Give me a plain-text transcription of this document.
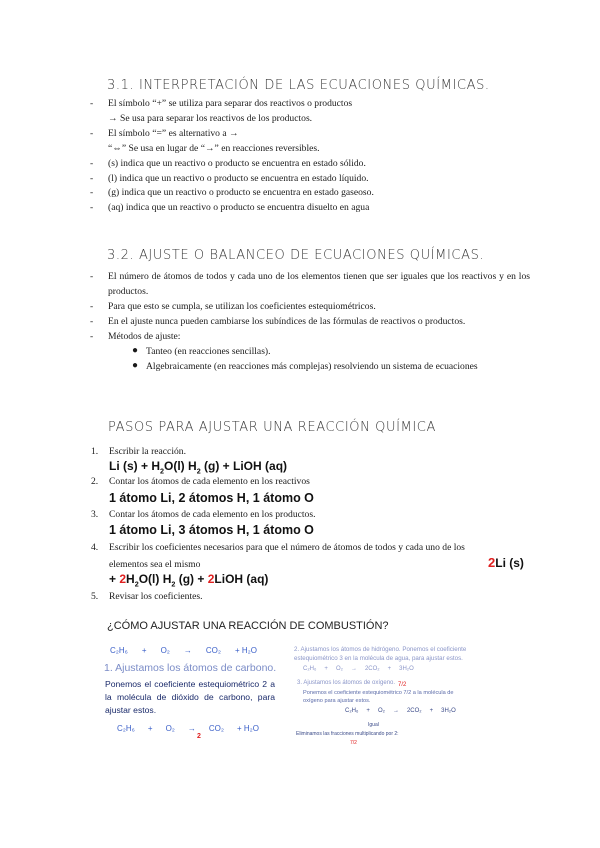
3.1. INTERPRETACIÓN DE LAS ECUACIONES QUÍMICAS.
- El símbolo “+” se utiliza para separar dos reactivos o productos
→ Se usa para separar los reactivos de los productos.
- El símbolo “=” es alternativo a →
“⇔” Se usa en lugar de “→” en reacciones reversibles.
- (s) indica que un reactivo o producto se encuentra en estado sólido.
- (l) indica que un reactivo o producto se encuentra en estado líquido.
- (g) indica que un reactivo o producto se encuentra en estado gaseoso.
- (aq) indica que un reactivo o producto se encuentra disuelto en agua
3.2. AJUSTE O BALANCEO DE ECUACIONES QUÍMICAS.
- El número de átomos de todos y cada uno de los elementos tienen que ser iguales que los reactivos y en los productos.
- Para que esto se cumpla, se utilizan los coeficientes estequiométricos.
- En el ajuste nunca pueden cambiarse los subíndices de las fórmulas de reactivos o productos.
- Métodos de ajuste:
● Tanteo (en reacciones sencillas).
● Algebraicamente (en reacciones más complejas) resolviendo un sistema de ecuaciones
PASOS PARA AJUSTAR UNA REACCIÓN QUÍMICA
1. Escribir la reacción.
2. Contar los átomos de cada elemento en los reactivos
3. Contar los átomos de cada elemento en los productos.
4. Escribir los coeficientes necesarios para que el número de átomos de todos y cada uno de los
elementos sea el mismo
5. Revisar los coeficientes.
Li $(s) + H_2O(l)$ $H_2$ (g) + LiOH (aq)
1 átomo Li, 2 átomos H, 1 átomo O
1 átomo Li, 3 átomos H, 1 átomo O
2Li (s)
+ $2H_2O(l)$ $H_2$ (g) + 2LiOH (aq)
¿CÓMO AJUSTAR UNA REACCIÓN DE COMBUSTIÓN?
C₂H₆ + O₂ → CO₂ + H₂O
1. Ajustamos los átomos de carbono.
Ponemos el coeficiente estequiométrico 2 a la molécula de dióxido de carbono, para ajustar estos.
C₂H₆ + O₂ → CO₂ + H₂O
2
2. Ajustamos los átomos de hidrógeno. Ponemos el coeficiente estequiométrico 3 en la molécula de agua, para ajustar estos.
C₂H₆ + O₂ → 2CO₂ + 3H₂O
3. Ajustamos los átomos de oxígeno.
Ponemos el coeficiente estequiométrico 7/2 a la molécula de oxígeno para ajustar estos.
7/2
C₂H₆ + O₂ → 2CO₂ + 3H₂O
Igual
Eliminamos las fracciones multiplicando por 2:
7/2
